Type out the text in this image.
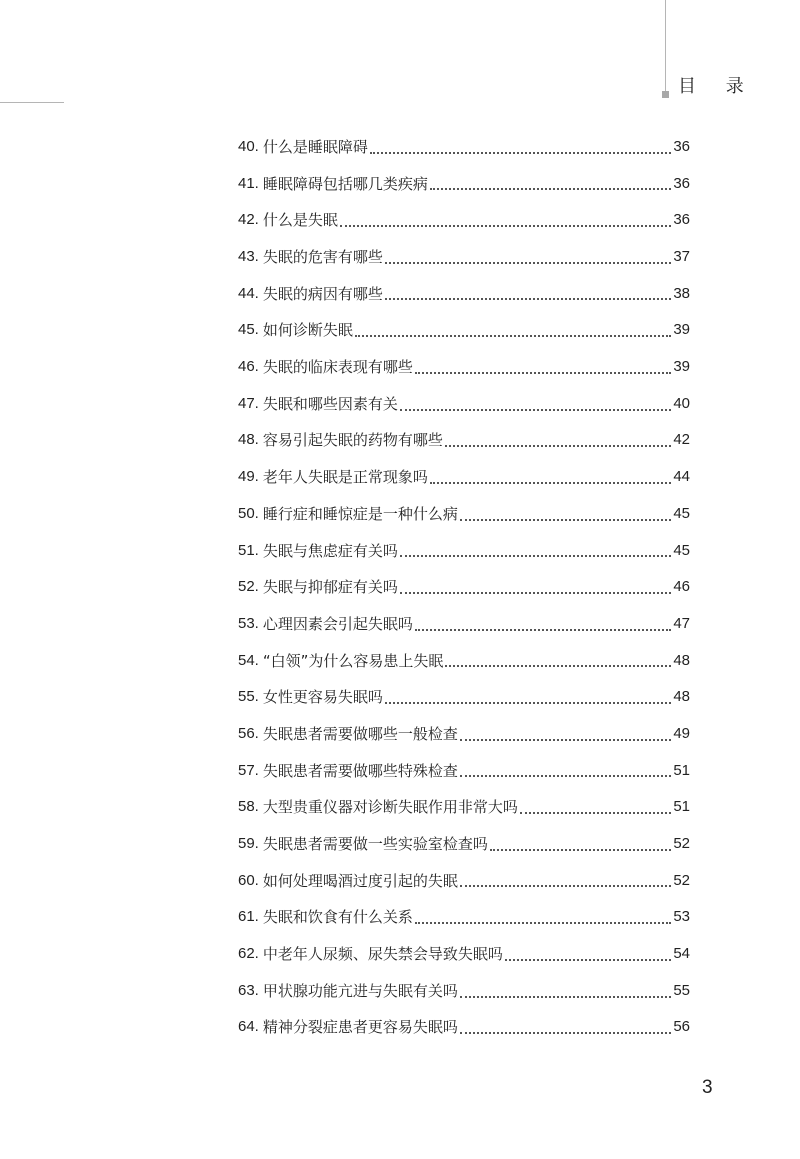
目 录
40. 什么是睡眠障碍	36
41. 睡眠障碍包括哪几类疾病	36
42. 什么是失眠	36
43. 失眠的危害有哪些	37
44. 失眠的病因有哪些	38
45. 如何诊断失眠	39
46. 失眠的临床表现有哪些	39
47. 失眠和哪些因素有关	40
48. 容易引起失眠的药物有哪些	42
49. 老年人失眠是正常现象吗	44
50. 睡行症和睡惊症是一种什么病	45
51. 失眠与焦虑症有关吗	45
52. 失眠与抑郁症有关吗	46
53. 心理因素会引起失眠吗	47
54. “白领”为什么容易患上失眠	48
55. 女性更容易失眠吗	48
56. 失眠患者需要做哪些一般检查	49
57. 失眠患者需要做哪些特殊检查	51
58. 大型贵重仪器对诊断失眠作用非常大吗	51
59. 失眠患者需要做一些实验室检查吗	52
60. 如何处理喝酒过度引起的失眠	52
61. 失眠和饮食有什么关系	53
62. 中老年人尿频、尿失禁会导致失眠吗	54
63. 甲状腺功能亢进与失眠有关吗	55
64. 精神分裂症患者更容易失眠吗	56
3
